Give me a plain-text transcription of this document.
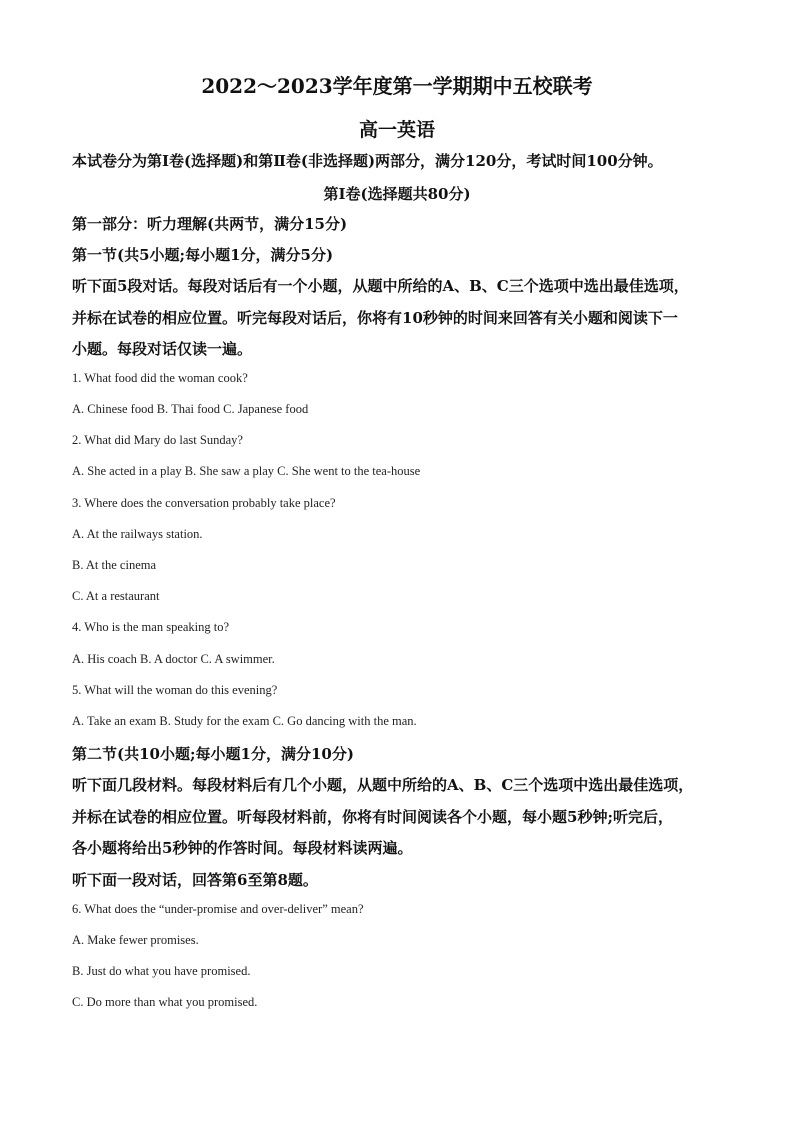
2022～2023学年度第一学期期中五校联考
高一英语
本试卷分为第Ⅰ卷(选择题)和第Ⅱ卷(非选择题)两部分，满分120分，考试时间100分钟。
第Ⅰ卷(选择题共80分)
第一部分：听力理解(共两节，满分15分)
第一节(共5小题;每小题1分，满分5分)
听下面5段对话。每段对话后有一个小题，从题中所给的A、B、C三个选项中选出最佳选项，
并标在试卷的相应位置。听完每段对话后，你将有10秒钟的时间来回答有关小题和阅读下一
小题。每段对话仅读一遍。
1. What food did the woman cook?
A. Chinese food B. Thai food C. Japanese food
2. What did Mary do last Sunday?
A. She acted in a play B. She saw a play C. She went to the tea-house
3. Where does the conversation probably take place?
A. At the railways station.
B. At the cinema
C. At a restaurant
4. Who is the man speaking to?
A. His coach B. A doctor C. A swimmer.
5. What will the woman do this evening?
A. Take an exam B. Study for the exam C. Go dancing with the man.
第二节(共10小题;每小题1分，满分10分)
听下面几段材料。每段材料后有几个小题，从题中所给的A、B、C三个选项中选出最佳选项，
并标在试卷的相应位置。听每段材料前，你将有时间阅读各个小题，每小题5秒钟;听完后，
各小题将给出5秒钟的作答时间。每段材料读两遍。
听下面一段对话，回答第6至第8题。
6. What does the “under-promise and over-deliver” mean?
A. Make fewer promises.
B. Just do what you have promised.
C. Do more than what you promised.
